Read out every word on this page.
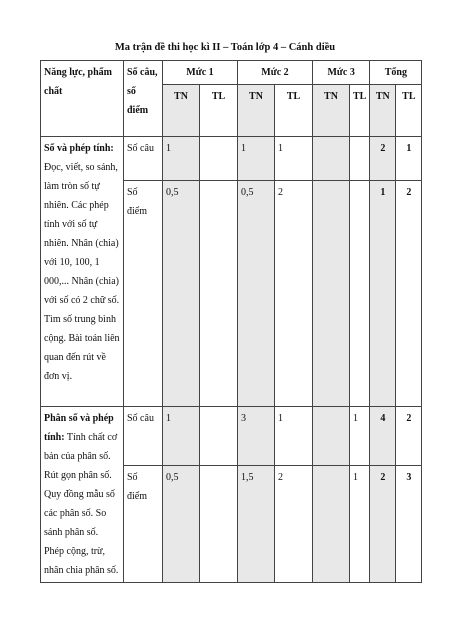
Ma trận đề thi học kì II – Toán lớp 4 – Cánh diều
Năng lực, phẩm chất	Số câu, số điểm	Mức 1		Mức 2		Mức 3		Tổng	
		TN	TL	TN	TL	TN	TL	TN	TL
Số và phép tính: Đọc, viết, so sánh, làm tròn số tự nhiên. Các phép tính với số tự nhiên. Nhân (chia) với 10, 100, 1 000,... Nhân (chia) với số có 2 chữ số. Tìm số trung bình cộng. Bài toán liên quan đến rút về đơn vị.	Số câu	1		1	1			2	1
	Số điểm	0,5		0,5	2			1	2
Phân số và phép tính: Tính chất cơ bản của phân số. Rút gọn phân số. Quy đồng mẫu số các phân số. So sánh phân số. Phép cộng, trừ, nhân chia phân số.	Số câu	1		3	1		1	4	2
	Số điểm	0,5		1,5	2		1	2	3
